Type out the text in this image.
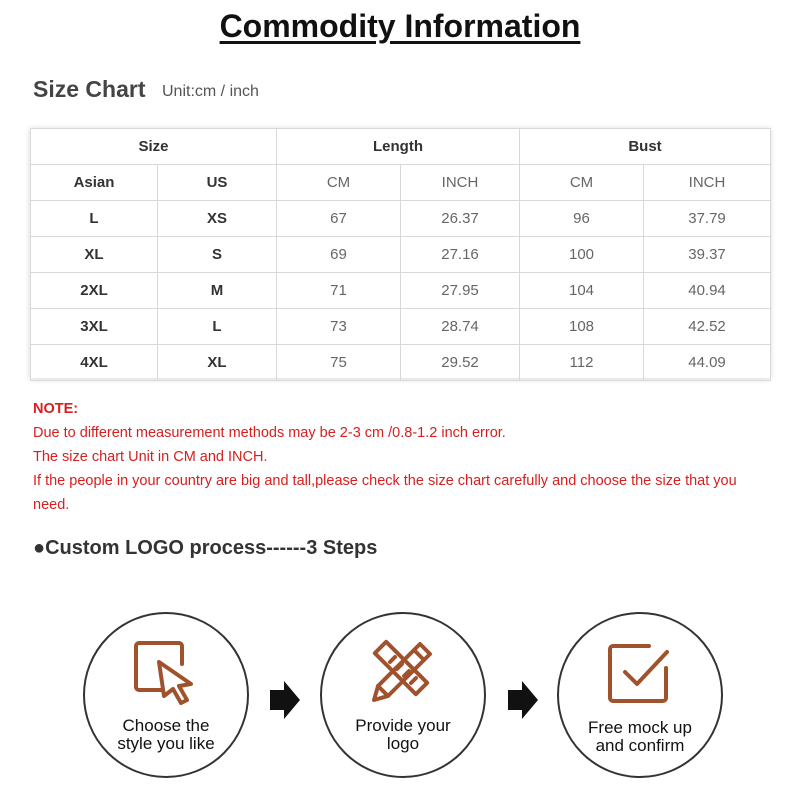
Commodity Information
Size Chart Unit:cm / inch
Size		Length		Bust	
Asian	US	CM	INCH	CM	INCH
L	XS	67	26.37	96	37.79
XL	S	69	27.16	100	39.37
2XL	M	71	27.95	104	40.94
3XL	L	73	28.74	108	42.52
4XL	XL	75	29.52	112	44.09
NOTE:
Due to different measurement methods may be 2-3 cm /0.8-1.2 inch error.
The size chart Unit in CM and INCH.
If the people in your country are big and tall,please check the size chart carefully and choose the size that you need.
●Custom LOGO process------3 Steps
Choose the
style you like
Provide your
logo
Free mock up
and confirm
